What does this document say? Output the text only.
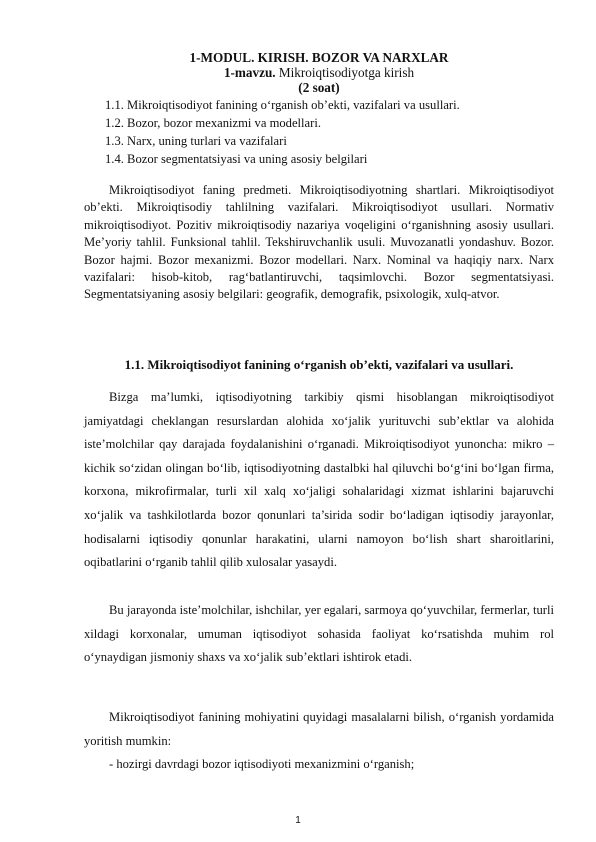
1-MODUL. KIRISH. BOZOR VA NARXLAR
1-mavzu. Mikroiqtisodiyotga kirish
(2 soat)
1.1. Mikroiqtisodiyot fanining o‘rganish ob’ekti, vazifalari va usullari.
1.2. Bozor, bozor mexanizmi va modellari.
1.3. Narx, uning turlari va vazifalari
1.4. Bozor segmentatsiyasi va uning asosiy belgilari
Mikroiqtisodiyot faning predmeti. Mikroiqtisodiyotning shartlari. Mikroiqtisodiyot ob’ekti. Mikroiqtisodiy tahlilning vazifalari. Mikroiqtisodiyot usullari. Normativ mikroiqtisodiyot. Pozitiv mikroiqtisodiy nazariya voqeligini o‘rganishning asosiy usullari. Me’yoriy tahlil. Funksional tahlil. Tekshiruvchanlik usuli. Muvozanatli yondashuv. Bozor. Bozor hajmi. Bozor mexanizmi. Bozor modellari. Narx. Nominal va haqiqiy narx. Narx vazifalari: hisob-kitob, rag‘batlantiruvchi, taqsimlovchi. Bozor segmentatsiyasi. Segmentatsiyaning asosiy belgilari: geografik, demografik, psixologik, xulq-atvor.
1.1. Mikroiqtisodiyot fanining o‘rganish ob’ekti, vazifalari va usullari.
Bizga ma’lumki, iqtisodiyotning tarkibiy qismi hisoblangan mikroiqtisodiyot jamiyatdagi cheklangan resurslardan alohida xo‘jalik yurituvchi sub’ektlar va alohida iste’molchilar qay darajada foydalanishini o‘rganadi. Mikroiqtisodiyot yunoncha: mikro – kichik so‘zidan olingan bo‘lib, iqtisodiyotning dastalbki hal qiluvchi bo‘g‘ini bo‘lgan firma, korxona, mikrofirmalar, turli xil xalq xo‘jaligi sohalaridagi xizmat ishlarini bajaruvchi xo‘jalik va tashkilotlarda bozor qonunlari ta’sirida sodir bo‘ladigan iqtisodiy jarayonlar, hodisalarni iqtisodiy qonunlar harakatini, ularni namoyon bo‘lish shart sharoitlarini, oqibatlarini o‘rganib tahlil qilib xulosalar yasaydi.
Bu jarayonda iste’molchilar, ishchilar, yer egalari, sarmoya qo‘yuvchilar, fermerlar, turli xildagi korxonalar, umuman iqtisodiyot sohasida faoliyat ko‘rsatishda muhim rol o‘ynaydigan jismoniy shaxs va xo‘jalik sub’ektlari ishtirok etadi.
Mikroiqtisodiyot fanining mohiyatini quyidagi masalalarni bilish, o‘rganish yordamida yoritish mumkin:
- hozirgi davrdagi bozor iqtisodiyoti mexanizmini o‘rganish;
1
